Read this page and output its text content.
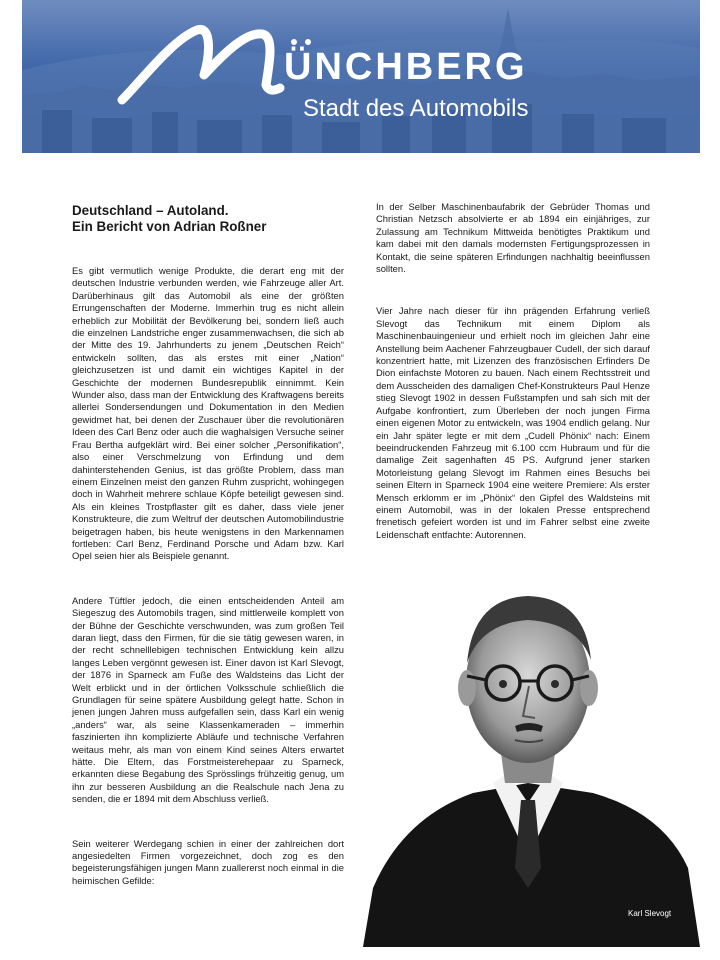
ÜNCHBERG
Stadt des Automobils
Deutschland – Autoland.
Ein Bericht von Adrian Roßner

Es gibt vermutlich wenige Produkte, die derart eng mit der deutschen Industrie verbunden werden, wie Fahrzeuge aller Art. Darüberhinaus gilt das Automobil als eine der größten Errungenschaften der Moderne. Immerhin trug es nicht allein erheblich zur Mobilität der Bevölkerung bei, sondern ließ auch die einzelnen Landstriche enger zusammenwachsen, die sich ab der Mitte des 19. Jahrhunderts zu jenem „Deutschen Reich“ entwickeln sollten, das als erstes mit einer „Nation“ gleichzusetzen ist und damit ein wichtiges Kapitel in der Geschichte der modernen Bundesrepublik einnimmt. Kein Wunder also, dass man der Entwicklung des Kraftwagens bereits allerlei Sondersendungen und Dokumentation in den Medien gewidmet hat, bei denen der Zuschauer über die revolutionären Ideen des Carl Benz oder auch die waghalsigen Versuche seiner Frau Bertha aufgeklärt wird. Bei einer solcher „Personifikation“, also einer Verschmelzung von Erfindung und dem dahinterstehenden Genius, ist das größte Problem, dass man einem Einzelnen meist den ganzen Ruhm zuspricht, wohingegen doch in Wahrheit mehrere schlaue Köpfe beteiligt gewesen sind. Als ein kleines Trostpflaster gilt es daher, dass viele jener Konstrukteure, die zum Weltruf der deutschen Automobilindustrie beigetragen haben, bis heute wenigstens in den Markennamen fortleben: Carl Benz, Ferdinand Porsche und Adam bzw. Karl Opel seien hier als Beispiele genannt.

Andere Tüftler jedoch, die einen entscheidenden Anteil am Siegeszug des Automobils tragen, sind mittlerweile komplett von der Bühne der Geschichte verschwunden, was zum großen Teil daran liegt, dass den Firmen, für die sie tätig gewesen waren, in der recht schnelllebigen technischen Entwicklung kein allzu langes Leben vergönnt gewesen ist. Einer davon ist Karl Slevogt, der 1876 in Sparneck am Fuße des Waldsteins das Licht der Welt erblickt und in der örtlichen Volksschule schließlich die Grundlagen für seine spätere Ausbildung gelegt hatte. Schon in jenen jungen Jahren muss aufgefallen sein, dass Karl ein wenig „anders“ war, als seine Klassenkameraden – immerhin faszinierten ihn komplizierte Abläufe und technische Verfahren weitaus mehr, als man von einem Kind seines Alters erwartet hätte. Die Eltern, das Forstmeisterehepaar zu Sparneck, erkannten diese Begabung des Sprösslings frühzeitig genug, um ihn zur besseren Ausbildung an die Realschule nach Jena zu senden, die er 1894 mit dem Abschluss verließ.

Sein weiterer Werdegang schien in einer der zahlreichen dort angesiedelten Firmen vorgezeichnet, doch zog es den begeisterungsfähigen jungen Mann zuallererst noch einmal in die heimischen Gefilde:

In der Selber Maschinenbaufabrik der Gebrüder Thomas und Christian Netzsch absolvierte er ab 1894 ein einjähriges, zur Zulassung am Technikum Mittweida benötigtes Praktikum und kam dabei mit den damals modernsten Fertigungsprozessen in Kontakt, die seine späteren Erfindungen nachhaltig beeinflussen sollten.

Vier Jahre nach dieser für ihn prägenden Erfahrung verließ Slevogt das Technikum mit einem Diplom als Maschinenbauingenieur und erhielt noch im gleichen Jahr eine Anstellung beim Aachener Fahrzeugbauer Cudell, der sich darauf konzentriert hatte, mit Lizenzen des französischen Erfinders De Dion einfachste Motoren zu bauen. Nach einem Rechtsstreit und dem Ausscheiden des damaligen Chef-Konstrukteurs Paul Henze stieg Slevogt 1902 in dessen Fußstampfen und sah sich mit der Aufgabe konfrontiert, zum Überleben der noch jungen Firma einen eigenen Motor zu entwickeln, was 1904 endlich gelang. Nur ein Jahr später legte er mit dem „Cudell Phönix“ nach: Einem beeindruckenden Fahrzeug mit 6.100 ccm Hubraum und für die damalige Zeit sagenhaften 45 PS. Aufgrund jener starken Motorleistung gelang Slevogt im Rahmen eines Besuchs bei seinen Eltern in Sparneck 1904 eine weitere Premiere: Als erster Mensch erklomm er im „Phönix“ den Gipfel des Waldsteins mit einem Automobil, was in der lokalen Presse entsprechend frenetisch gefeiert worden ist und im Fahrer selbst eine zweite Leidenschaft entfachte: Autorennen.

Karl Slevogt
